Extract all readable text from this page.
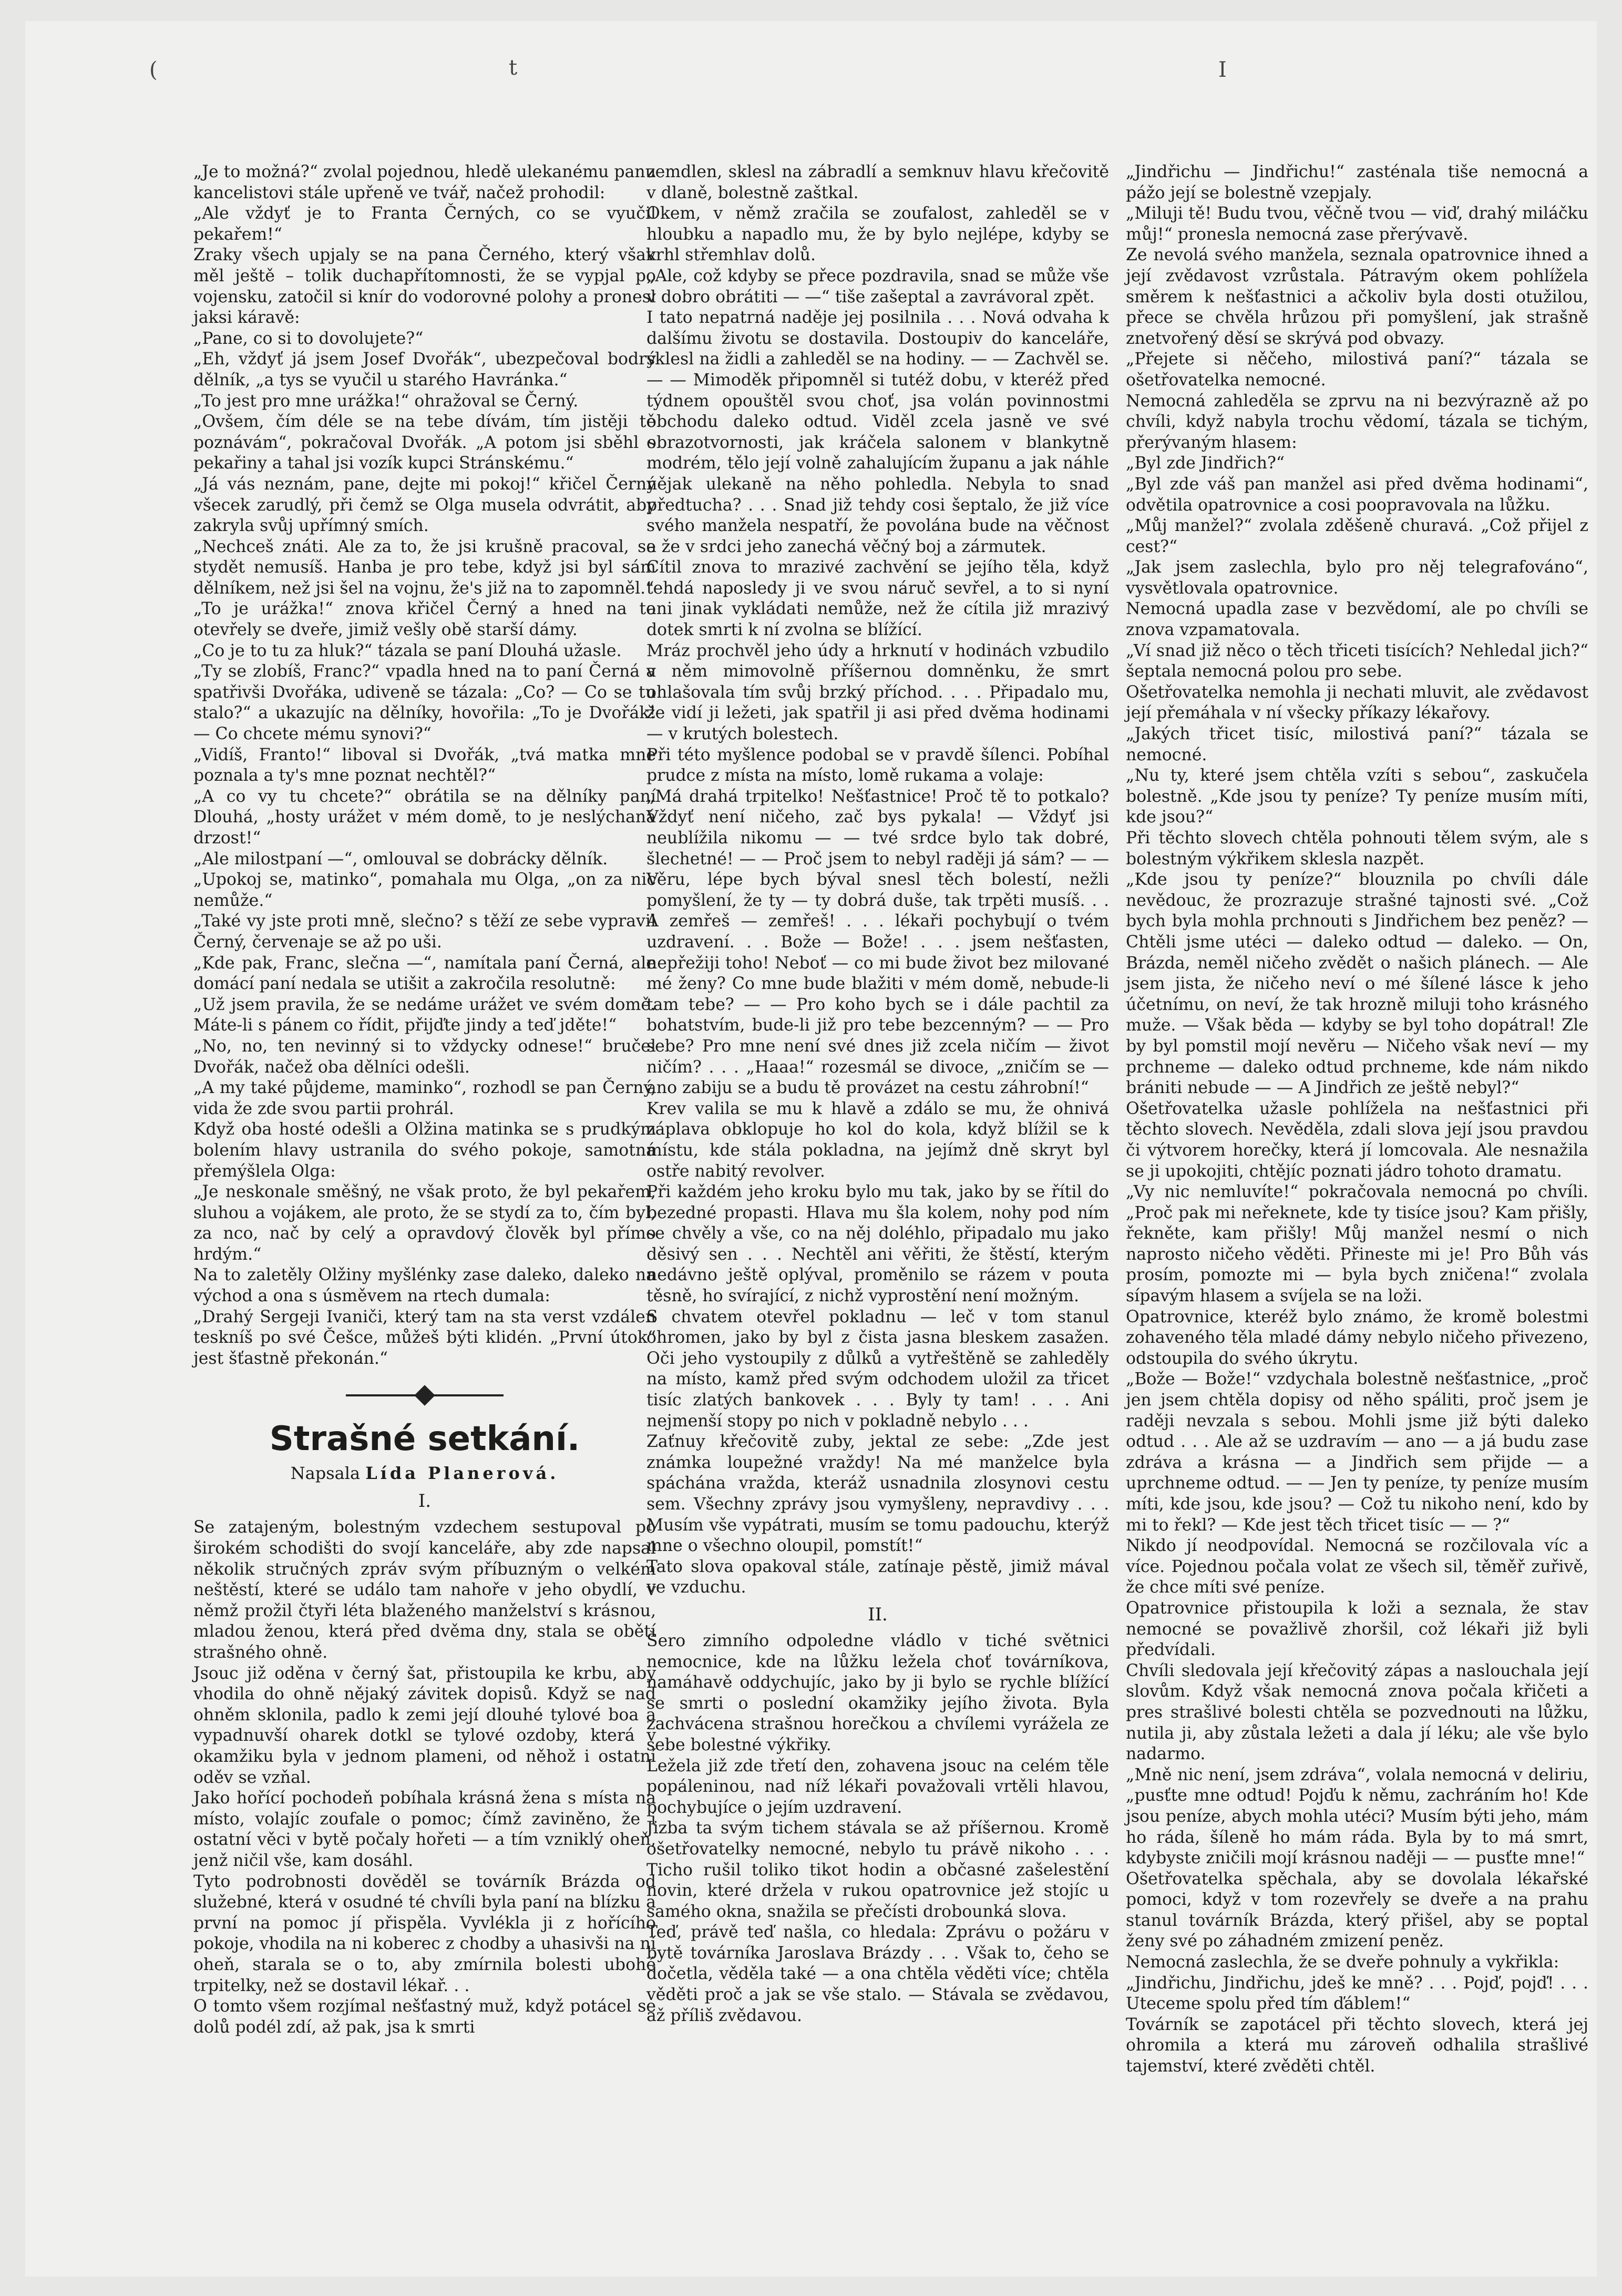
(	t	I

„Je to možná?“ zvolal pojednou, hledě ulekanému panu kancelistovi stále upřeně ve tvář, načež prohodil:

„Ale vždyť je to Franta Černých, co se vyučil pekařem!“

Zraky všech upjaly se na pana Černého, který však měl ještě – tolik duchapřítomnosti, že se vypjal po vojensku, zatočil si knír do vodorovné polohy a pronesl jaksi káravě:

„Pane, co si to dovolujete?“

„Eh, vždyť já jsem Josef Dvořák“, ubezpečoval bodrý dělník, „a tys se vyučil u starého Havránka.“

„To jest pro mne urážka!“ ohražoval se Černý.

„Ovšem, čím déle se na tebe dívám, tím jistěji tě poznávám“, pokračoval Dvořák. „A potom jsi sběhl s pekařiny a tahal jsi vozík kupci Stránskému.“

„Já vás neznám, pane, dejte mi pokoj!“ křičel Černý všecek zarudlý, při čemž se Olga musela odvrátit, aby zakryla svůj upřímný smích.

„Nechceš znáti. Ale za to, že jsi krušně pracoval, se stydět nemusíš. Hanba je pro tebe, když jsi byl sám dělníkem, než jsi šel na vojnu, že's již na to zapomněl.“

„To je urážka!“ znova křičel Černý a hned na to otevřely se dveře, jimiž vešly obě starší dámy.

„Co je to tu za hluk?“ tázala se paní Dlouhá užasle.

„Ty se zlobíš, Franc?“ vpadla hned na to paní Černá a spatřivši Dvořáka, udiveně se tázala: „Co? — Co se tu stalo?“ a ukazujíc na dělníky, hovořila: „To je Dvořák! — Co chcete mému synovi?“

„Vidíš, Franto!“ liboval si Dvořák, „tvá matka mne poznala a ty's mne poznat nechtěl?“

„A co vy tu chcete?“ obrátila se na dělníky paní Dlouhá, „hosty urážet v mém domě, to je neslýchaná drzost!“

„Ale milostpaní —“, omlouval se dobrácky dělník.

„Upokoj se, matinko“, pomahala mu Olga, „on za nic nemůže.“

„Také vy jste proti mně, slečno? s těží ze sebe vypravil Černý, červenaje se až po uši.

„Kde pak, Franc, slečna —“, namítala paní Černá, ale domácí paní nedala se utišit a zakročila resolutně:

„Už jsem pravila, že se nedáme urážet ve svém domě. Máte-li s pánem co řídit, přijďte jindy a teď jděte!“

„No, no, ten nevinný si to vždycky odnese!“ bručel Dvořák, načež oba dělníci odešli.

„A my také půjdeme, maminko“, rozhodl se pan Černý, vida že zde svou partii prohrál.

Když oba hosté odešli a Olžina matinka se s prudkým bolením hlavy ustranila do svého pokoje, samotná přemýšlela Olga:

„Je neskonale směšný, ne však proto, že byl pekařem, sluhou a vojákem, ale proto, že se stydí za to, čím byl, za nco, nač by celý a opravdový člověk byl přímo hrdým.“

Na to zaletěly Olžiny myšlénky zase daleko, daleko na východ a ona s úsměvem na rtech dumala:

„Drahý Sergeji Ivaniči, který tam na sta verst vzdálen teskníš po své Češce, můžeš býti klidén. „První útok“ jest šťastně překonán.“

Strašné setkání.

Napsala Lída Planerová.
I.

Se zatajeným, bolestným vzdechem sestupoval po širokém schodišti do svojí kanceláře, aby zde napsal několik stručných zpráv svým příbuzným o velkém neštěstí, které se událo tam nahoře v jeho obydlí, v němž prožil čtyři léta blaženého manželství s krásnou, mladou ženou, která před dvěma dny, stala se obětí strašného ohně.

Jsouc již oděna v černý šat, přistoupila ke krbu, aby vhodila do ohně nějaký závitek dopisů. Když se nad ohněm sklonila, padlo k zemi její dlouhé tylové boa a vypadnuvší oharek dotkl se tylové ozdoby, která v okamžiku byla v jednom plameni, od něhož i ostatní oděv se vzňal.

Jako hořící pochodeň pobíhala krásná žena s místa na místo, volajíc zoufale o pomoc; čímž zaviněno, že i ostatní věci v bytě počaly hořeti — a tím vzniklý oheň, jenž ničil vše, kam dosáhl.

Tyto podrobnosti dověděl se továrník Brázda od služebné, která v osudné té chvíli byla paní na blízku a první na pomoc jí přispěla. Vyvlékla ji z hořícího pokoje, vhodila na ni koberec z chodby a uhasivši na ní oheň, starala se o to, aby zmírnila bolesti ubohé trpitelky, než se dostavil lékař. . .

O tomto všem rozjímal nešťastný muž, když potácel se dolů podél zdí, až pak, jsa k smrti

zemdlen, sklesl na zábradlí a semknuv hlavu křečovitě v dlaně, bolestně zaštkal.

Okem, v němž zračila se zoufalost, zahleděl se v hloubku a napadlo mu, že by bylo nejlépe, kdyby se vrhl střemhlav dolů.

„Ale, což kdyby se přece pozdravila, snad se může vše v dobro obrátiti — —“ tiše zašeptal a zavrávoral zpět.

I tato nepatrná naděje jej posilnila . . . Nová odvaha k dalšímu životu se dostavila. Dostoupiv do kanceláře, sklesl na židli a zahleděl se na hodiny. — — Zachvěl se. — — Mimoděk připomněl si tutéž dobu, v kteréž před týdnem opouštěl svou choť, jsa volán povinnostmi obchodu daleko odtud. Viděl zcela jasně ve své obrazotvornosti, jak kráčela salonem v blankytně modrém, tělo její volně zahalujícím županu a jak náhle nějak ulekaně na něho pohledla. Nebyla to snad předtucha? . . . Snad již tehdy cosi šeptalo, že již více svého manžela nespatří, že povolána bude na věčnost a že v srdci jeho zanechá věčný boj a zármutek.

Cítil znova to mrazivé zachvění se jejího těla, když tehdá naposledy ji ve svou náruč sevřel, a to si nyní ani jinak vykládati nemůže, než že cítila již mrazivý dotek smrti k ní zvolna se blížící.

Mráz prochvěl jeho údy a hrknutí v hodinách vzbudilo v něm mimovolně příšernou domněnku, že smrt ohlašovala tím svůj brzký příchod. . . . Připadalo mu, že vidí ji ležeti, jak spatřil ji asi před dvěma hodinami — v krutých bolestech.

Při této myšlence podobal se v pravdě šílenci. Pobíhal prudce z místa na místo, lomě rukama a volaje:

„Má drahá trpitelko! Nešťastnice! Proč tě to potkalo? Vždyť není ničeho, zač bys pykala! — Vždyť jsi neublížila nikomu — — tvé srdce bylo tak dobré, šlechetné! — — Proč jsem to nebyl raději já sám? — — Věru, lépe bych býval snesl těch bolestí, nežli pomyšlení, že ty — ty dobrá duše, tak trpěti musíš. . . A zemřeš — zemřeš! . . . lékaři pochybují o tvém uzdravení. . . Bože — Bože! . . . jsem nešťasten, nepřežiji toho! Neboť — co mi bude život bez milované mé ženy? Co mne bude blažiti v mém domě, nebude-li tam tebe? — — Pro koho bych se i dále pachtil za bohatstvím, bude-li již pro tebe bezcenným? — — Pro sebe? Pro mne není své dnes již zcela ničím — život ničím? . . . „Haaa!“ rozesmál se divoce, „zničím se — ano zabiju se a budu tě provázet na cestu záhrobní!“

Krev valila se mu k hlavě a zdálo se mu, že ohnivá záplava obklopuje ho kol do kola, když blížil se k místu, kde stála pokladna, na jejímž dně skryt byl ostře nabitý revolver.

Při každém jeho kroku bylo mu tak, jako by se řítil do bezedné propasti. Hlava mu šla kolem, nohy pod ním se chvěly a vše, co na něj doléhlo, připadalo mu jako děsivý sen . . . Nechtěl ani věřiti, že štěstí, kterým nedávno ještě oplýval, proměnilo se rázem v pouta těsně, ho svírající, z nichž vyprostění není možným.

S chvatem otevřel pokladnu — leč v tom stanul ohromen, jako by byl z čista jasna bleskem zasažen. Oči jeho vystoupily z důlků a vytřeštěně se zahleděly na místo, kamž před svým odchodem uložil za třicet tisíc zlatých bankovek . . . Byly ty tam! . . . Ani nejmenší stopy po nich v pokladně nebylo . . .

Zaťnuy křečovitě zuby, jektal ze sebe: „Zde jest známka loupežné vraždy! Na mé manželce byla spáchána vražda, kteráž usnadnila zlosynovi cestu sem. Všechny zprávy jsou vymyšleny, nepravdivy . . . Musím vše vypátrati, musím se tomu padouchu, kterýž mne o všechno oloupil, pomstít!“

Tato slova opakoval stále, zatínaje pěstě, jimiž mával ve vzduchu.

II.

Šero zimního odpoledne vládlo v tiché světnici nemocnice, kde na lůžku ležela choť továrníkova, namáhavě oddychujíc, jako by ji bylo se rychle blížící se smrti o poslední okamžiky jejího života. Byla zachvácena strašnou horečkou a chvílemi vyrážela ze sebe bolestné výkřiky.

Ležela již zde třetí den, zohavena jsouc na celém těle popáleninou, nad níž lékaři považovali vrtěli hlavou, pochybujíce o jejím uzdravení.

Jizba ta svým tichem stávala se až příšernou. Kromě ošetřovatelky nemocné, nebylo tu právě nikoho . . . Ticho rušil toliko tikot hodin a občasné zašelestění novin, které držela v rukou opatrovnice jež stojíc u samého okna, snažila se přečísti drobounká slova.

Teď, právě teď našla, co hledala: Zprávu o požáru v bytě továrníka Jaroslava Brázdy . . . Však to, čeho se dočetla, věděla také — a ona chtěla věděti více; chtěla věděti proč a jak se vše stalo. — Stávala se zvědavou, až příliš zvědavou.

„Jindřichu — Jindřichu!“ zasténala tiše nemocná a pážo její se bolestně vzepjaly.

„Miluji tě! Budu tvou, věčně tvou — viď, drahý miláčku můj!“ pronesla nemocná zase přerývavě.

Ze nevolá svého manžela, seznala opatrovnice ihned a její zvědavost vzrůstala. Pátravým okem pohlížela směrem k nešťastnici a ačkoliv byla dosti otužilou, přece se chvěla hrůzou při pomyšlení, jak strašně znetvořený děsí se skrývá pod obvazy.

„Přejete si něčeho, milostivá paní?“ tázala se ošetřovatelka nemocné.

Nemocná zahleděla se zprvu na ni bezvýrazně až po chvíli, když nabyla trochu vědomí, tázala se tichým, přerývaným hlasem:

„Byl zde Jindřich?“

„Byl zde váš pan manžel asi před dvěma hodinami“, odvětila opatrovnice a cosi poopravovala na lůžku.

„Můj manžel?“ zvolala zděšeně churavá. „Což přijel z cest?“

„Jak jsem zaslechla, bylo pro něj telegrafováno“, vysvětlovala opatrovnice.

Nemocná upadla zase v bezvědomí, ale po chvíli se znova vzpamatovala.

„Ví snad již něco o těch třiceti tisících? Nehledal jich?“ šeptala nemocná polou pro sebe.

Ošetřovatelka nemohla ji nechati mluvit, ale zvědavost její přemáhala v ní všecky příkazy lékařovy.

„Jakých třicet tisíc, milostivá paní?“ tázala se nemocné.

„Nu ty, které jsem chtěla vzíti s sebou“, zaskučela bolestně. „Kde jsou ty peníze? Ty peníze musím míti, kde jsou?“

Při těchto slovech chtěla pohnouti tělem svým, ale s bolestným výkřikem sklesla nazpět.

„Kde jsou ty peníze?“ blouznila po chvíli dále nevědouc, že prozrazuje strašné tajnosti své. „Což bych byla mohla prchnouti s Jindřichem bez peněz? — Chtěli jsme utéci — daleko odtud — daleko. — On, Brázda, neměl ničeho zvědět o našich plánech. — Ale jsem jista, že ničeho neví o mé šílené lásce k jeho účetnímu, on neví, že tak hrozně miluji toho krásného muže. — Však běda — kdyby se byl toho dopátral! Zle by byl pomstil mojí nevěru — Ničeho však neví — my prchneme — daleko odtud prchneme, kde nám nikdo brániti nebude — — A Jindřich ze ještě nebyl?“

Ošetřovatelka užasle pohlížela na nešťastnici při těchto slovech. Nevěděla, zdali slova její jsou pravdou či výtvorem horečky, která jí lomcovala. Ale nesnažila se ji upokojiti, chtějíc poznati jádro tohoto dramatu.

„Vy nic nemluvíte!“ pokračovala nemocná po chvíli. „Proč pak mi neřeknete, kde ty tisíce jsou? Kam přišly, řekněte, kam přišly! Můj manžel nesmí o nich naprosto ničeho věděti. Přineste mi je! Pro Bůh vás prosím, pomozte mi — byla bych zničena!“ zvolala sípavým hlasem a svíjela se na loži.

Opatrovnice, kteréž bylo známo, že kromě bolestmi zohaveného těla mladé dámy nebylo ničeho přivezeno, odstoupila do svého úkrytu.

„Bože — Bože!“ vzdychala bolestně nešťastnice, „proč jen jsem chtěla dopisy od něho spáliti, proč jsem je raději nevzala s sebou. Mohli jsme již býti daleko odtud . . . Ale až se uzdravím — ano — a já budu zase zdráva a krásna — a Jindřich sem přijde — a uprchneme odtud. — — Jen ty peníze, ty peníze musím míti, kde jsou, kde jsou? — Což tu nikoho není, kdo by mi to řekl? — Kde jest těch třicet tisíc — — ?“

Nikdo jí neodpovídal. Nemocná se rozčilovala víc a více. Pojednou počala volat ze všech sil, těměř zuřivě, že chce míti své peníze.

Opatrovnice přistoupila k loži a seznala, že stav nemocné se považlivě zhoršil, což lékaři již byli předvídali.

Chvíli sledovala její křečovitý zápas a naslouchala její slovům. Když však nemocná znova počala křičeti a pres strašlivé bolesti chtěla se pozvednouti na lůžku, nutila ji, aby zůstala ležeti a dala jí léku; ale vše bylo nadarmo.

„Mně nic není, jsem zdráva“, volala nemocná v deliriu, „pusťte mne odtud! Pojďu k němu, zachráním ho! Kde jsou peníze, abych mohla utéci? Musím býti jeho, mám ho ráda, šíleně ho mám ráda. Byla by to má smrt, kdybyste zničili mojí krásnou naději — — pusťte mne!“

Ošetřovatelka spěchala, aby se dovolala lékařské pomoci, když v tom rozevřely se dveře a na prahu stanul továrník Brázda, který přišel, aby se poptal ženy své po záhadném zmizení peněz.

Nemocná zaslechla, že se dveře pohnuly a vykřikla:

„Jindřichu, Jindřichu, jdeš ke mně? . . . Pojď, pojď! . . . Uteceme spolu před tím ďáblem!“

Továrník se zapotácel při těchto slovech, která jej ohromila a která mu zároveň odhalila strašlivé tajemství, které zvěděti chtěl.
